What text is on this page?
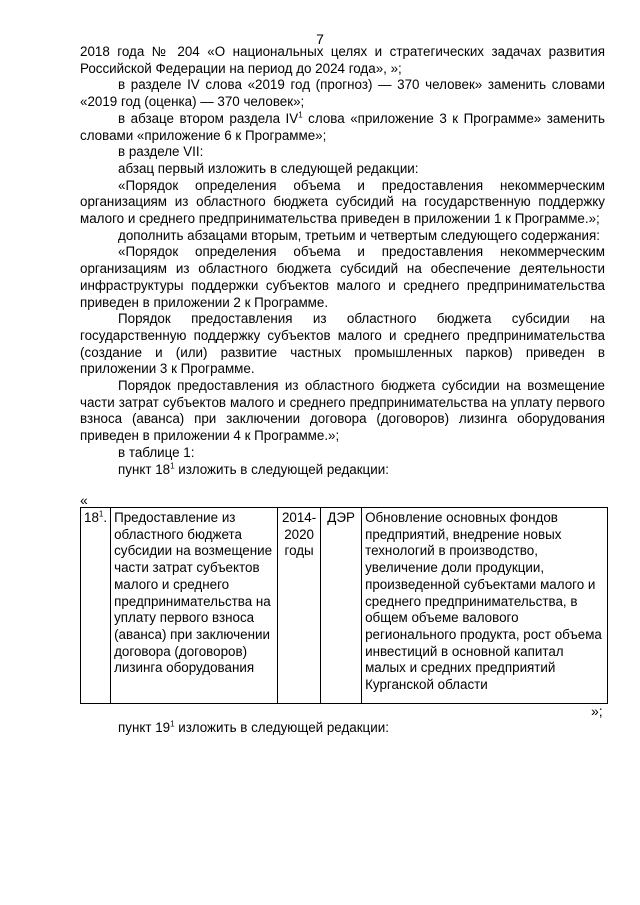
7

2018 года № 204 «О национальных целях и стратегических задачах развития Российской Федерации на период до 2024 года», »;

в разделе IV слова «2019 год (прогноз) — 370 человек» заменить словами «2019 год (оценка) — 370 человек»;

в абзаце втором раздела $IV^1$ слова «приложение 3 к Программе» заменить словами «приложение 6 к Программе»;

в разделе VII:

абзац первый изложить в следующей редакции:

«Порядок определения объема и предоставления некоммерческим организациям из областного бюджета субсидий на государственную поддержку малого и среднего предпринимательства приведен в приложении 1 к Программе.»;

дополнить абзацами вторым, третьим и четвертым следующего содержания:

«Порядок определения объема и предоставления некоммерческим организациям из областного бюджета субсидий на обеспечение деятельности инфраструктуры поддержки субъектов малого и среднего предпринимательства приведен в приложении 2 к Программе.

Порядок предоставления из областного бюджета субсидии на государственную поддержку субъектов малого и среднего предпринимательства (создание и (или) развитие частных промышленных парков) приведен в приложении 3 к Программе.

Порядок предоставления из областного бюджета субсидии на возмещение части затрат субъектов малого и среднего предпринимательства на уплату первого взноса (аванса) при заключении договора (договоров) лизинга оборудования приведен в приложении 4 к Программе.»;

в таблице 1:

пункт $18^1$ изложить в следующей редакции:

«
$18^1$.	Предоставление из областного бюджета субсидии на возмещение части затрат субъектов малого и среднего предпринимательства на уплату первого взноса (аванса) при заключении договора (договоров) лизинга оборудования	2014-2020 годы	ДЭР	Обновление основных фондов предприятий, внедрение новых технологий в производство, увеличение доли продукции, произведенной субъектами малого и среднего предпринимательства, в общем объеме валового регионального продукта, рост объема инвестиций в основной капитал малых и средних предприятий Курганской области
»;
пункт $19^1$ изложить в следующей редакции:
